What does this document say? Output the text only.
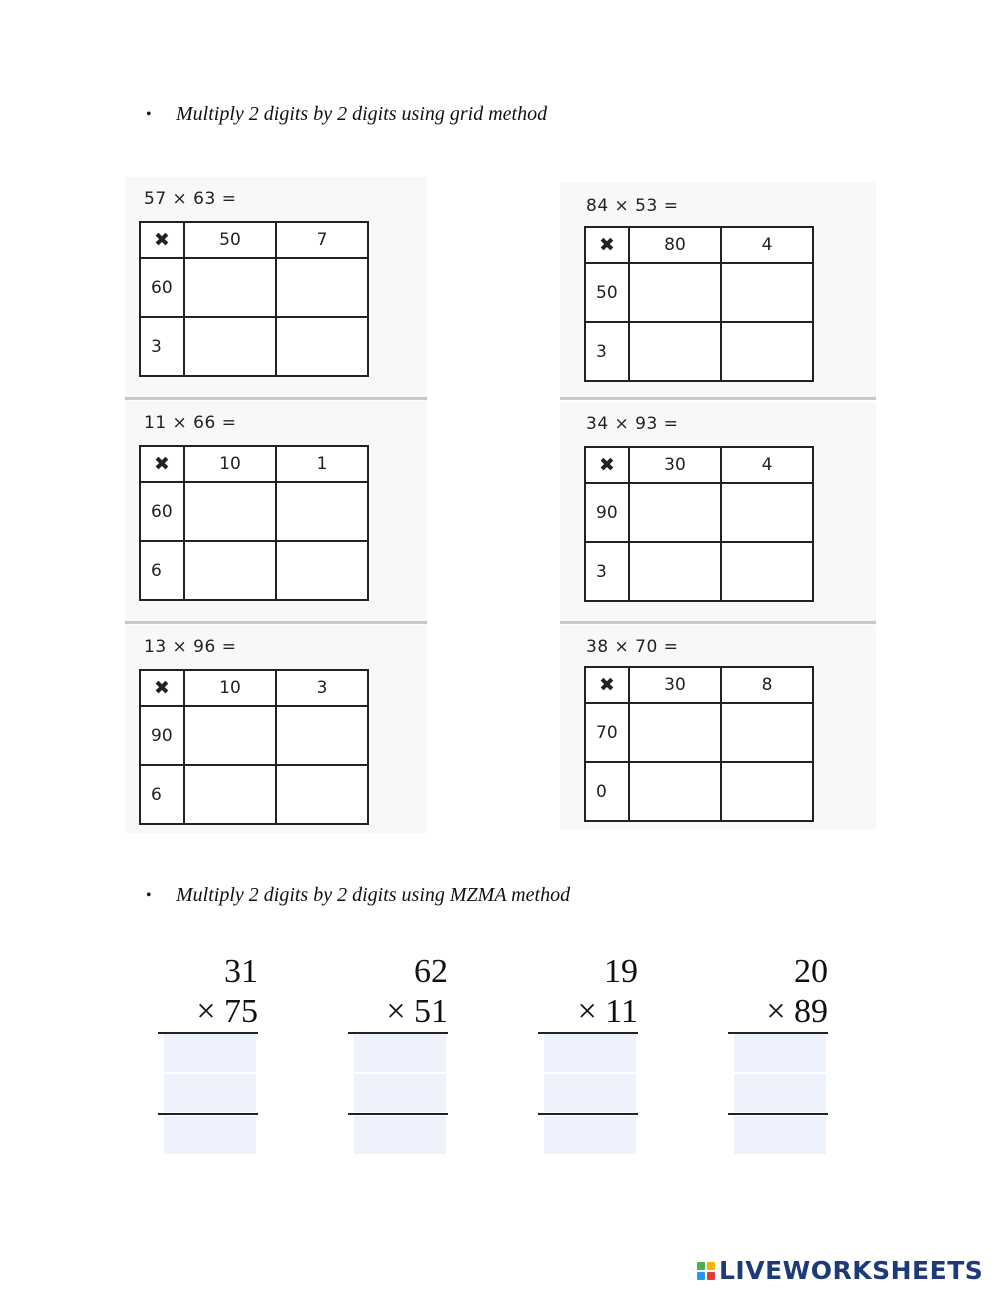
•	Multiply 2 digits by 2 digits using grid method
57 × 63 =
✖	50	7
60		
3		
84 × 53 =
✖	80	4
50		
3		
11 × 66 =
✖	10	1
60		
6		
34 × 93 =
✖	30	4
90		
3		
13 × 96 =
✖	10	3
90		
6		
38 × 70 =
✖	30	8
70		
0		
•	Multiply 2 digits by 2 digits using MZMA method
31
× 75
62
× 51
19
× 11
20
× 89
LIVEWORKSHEETS
